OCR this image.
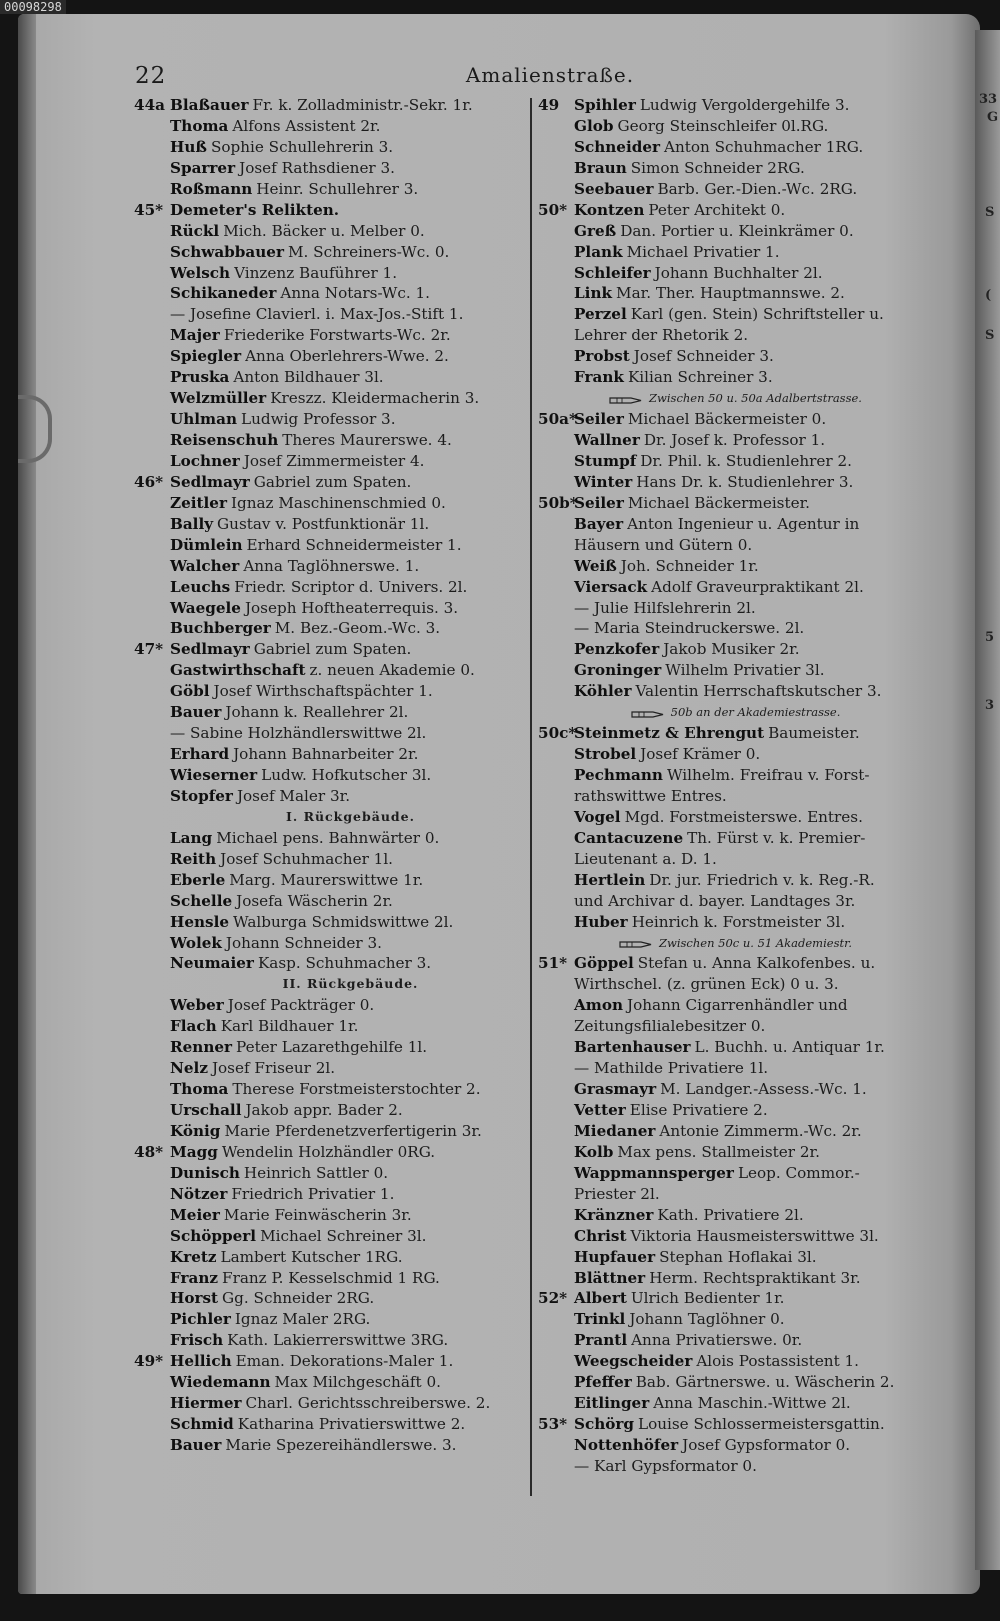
00098298
33
G
S
(
S
5
3
22	Amalienstraße.
44a Blaßauer Fr. k. Zolladministr.-Sekr. 1r.
Thoma Alfons Assistent 2r.
Huß Sophie Schullehrerin 3.
Sparrer Josef Rathsdiener 3.
Roßmann Heinr. Schullehrer 3.
45* Demeter's Relikten.
Rückl Mich. Bäcker u. Melber 0.
Schwabbauer M. Schreiners-Wc. 0.
Welsch Vinzenz Bauführer 1.
Schikaneder Anna Notars-Wc. 1.
— Josefine Clavierl. i. Max-Jos.-Stift 1.
Majer Friederike Forstwarts-Wc. 2r.
Spiegler Anna Oberlehrers-Wwe. 2.
Pruska Anton Bildhauer 3l.
Welzmüller Kreszz. Kleidermacherin 3.
Uhlman Ludwig Professor 3.
Reisenschuh Theres Maurerswe. 4.
Lochner Josef Zimmermeister 4.
46* Sedlmayr Gabriel zum Spaten.
Zeitler Ignaz Maschinenschmied 0.
Bally Gustav v. Postfunktionär 1l.
Dümlein Erhard Schneidermeister 1.
Walcher Anna Taglöhnerswe. 1.
Leuchs Friedr. Scriptor d. Univers. 2l.
Waegele Joseph Hoftheaterrequis. 3.
Buchberger M. Bez.-Geom.-Wc. 3.
47* Sedlmayr Gabriel zum Spaten.
Gastwirthschaft z. neuen Akademie 0.
Göbl Josef Wirthschaftspächter 1.
Bauer Johann k. Reallehrer 2l.
— Sabine Holzhändlerswittwe 2l.
Erhard Johann Bahnarbeiter 2r.
Wieserner Ludw. Hofkutscher 3l.
Stopfer Josef Maler 3r.
I. Rückgebäude.
Lang Michael pens. Bahnwärter 0.
Reith Josef Schuhmacher 1l.
Eberle Marg. Maurerswittwe 1r.
Schelle Josefa Wäscherin 2r.
Hensle Walburga Schmidswittwe 2l.
Wolek Johann Schneider 3.
Neumaier Kasp. Schuhmacher 3.
II. Rückgebäude.
Weber Josef Packträger 0.
Flach Karl Bildhauer 1r.
Renner Peter Lazarethgehilfe 1l.
Nelz Josef Friseur 2l.
Thoma Therese Forstmeisterstochter 2.
Urschall Jakob appr. Bader 2.
König Marie Pferdenetzverfertigerin 3r.
48* Magg Wendelin Holzhändler 0RG.
Dunisch Heinrich Sattler 0.
Nötzer Friedrich Privatier 1.
Meier Marie Feinwäscherin 3r.
Schöpperl Michael Schreiner 3l.
Kretz Lambert Kutscher 1RG.
Franz Franz P. Kesselschmid 1 RG.
Horst Gg. Schneider 2RG.
Pichler Ignaz Maler 2RG.
Frisch Kath. Lakierrerswittwe 3RG.
49* Hellich Eman. Dekorations-Maler 1.
Wiedemann Max Milchgeschäft 0.
Hiermer Charl. Gerichtsschreiberswe. 2.
Schmid Katharina Privatierswittwe 2.
Bauer Marie Spezereihändlerswe. 3.
49 Spihler Ludwig Vergoldergehilfe 3.
Glob Georg Steinschleifer 0l.RG.
Schneider Anton Schuhmacher 1RG.
Braun Simon Schneider 2RG.
Seebauer Barb. Ger.-Dien.-Wc. 2RG.
50* Kontzen Peter Architekt 0.
Greß Dan. Portier u. Kleinkrämer 0.
Plank Michael Privatier 1.
Schleifer Johann Buchhalter 2l.
Link Mar. Ther. Hauptmannswe. 2.
Perzel Karl (gen. Stein) Schriftsteller u.
Lehrer der Rhetorik 2.
Probst Josef Schneider 3.
Frank Kilian Schreiner 3.
Zwischen 50 u. 50a Adalbertstrasse.
50a*Seiler Michael Bäckermeister 0.
Wallner Dr. Josef k. Professor 1.
Stumpf Dr. Phil. k. Studienlehrer 2.
Winter Hans Dr. k. Studienlehrer 3.
50b*Seiler Michael Bäckermeister.
Bayer Anton Ingenieur u. Agentur in
Häusern und Gütern 0.
Weiß Joh. Schneider 1r.
Viersack Adolf Graveurpraktikant 2l.
— Julie Hilfslehrerin 2l.
— Maria Steindruckerswe. 2l.
Penzkofer Jakob Musiker 2r.
Groninger Wilhelm Privatier 3l.
Köhler Valentin Herrschaftskutscher 3.
50b an der Akademiestrasse.
50c*Steinmetz & Ehrengut Baumeister.
Strobel Josef Krämer 0.
Pechmann Wilhelm. Freifrau v. Forst-
rathswittwe Entres.
Vogel Mgd. Forstmeisterswe. Entres.
Cantacuzene Th. Fürst v. k. Premier-
Lieutenant a. D. 1.
Hertlein Dr. jur. Friedrich v. k. Reg.-R.
und Archivar d. bayer. Landtages 3r.
Huber Heinrich k. Forstmeister 3l.
Zwischen 50c u. 51 Akademiestr.
51* Göppel Stefan u. Anna Kalkofenbes. u.
Wirthschel. (z. grünen Eck) 0 u. 3.
Amon Johann Cigarrenhändler und
Zeitungsfilialebesitzer 0.
Bartenhauser L. Buchh. u. Antiquar 1r.
— Mathilde Privatiere 1l.
Grasmayr M. Landger.-Assess.-Wc. 1.
Vetter Elise Privatiere 2.
Miedaner Antonie Zimmerm.-Wc. 2r.
Kolb Max pens. Stallmeister 2r.
Wappmannsperger Leop. Commor.-
Priester 2l.
Kränzner Kath. Privatiere 2l.
Christ Viktoria Hausmeisterswittwe 3l.
Hupfauer Stephan Hoflakai 3l.
Blättner Herm. Rechtspraktikant 3r.
52* Albert Ulrich Bedienter 1r.
Trinkl Johann Taglöhner 0.
Prantl Anna Privatierswe. 0r.
Weegscheider Alois Postassistent 1.
Pfeffer Bab. Gärtnerswe. u. Wäscherin 2.
Eitlinger Anna Maschin.-Wittwe 2l.
53* Schörg Louise Schlossermeistersgattin.
Nottenhöfer Josef Gypsformator 0.
— Karl Gypsformator 0.
